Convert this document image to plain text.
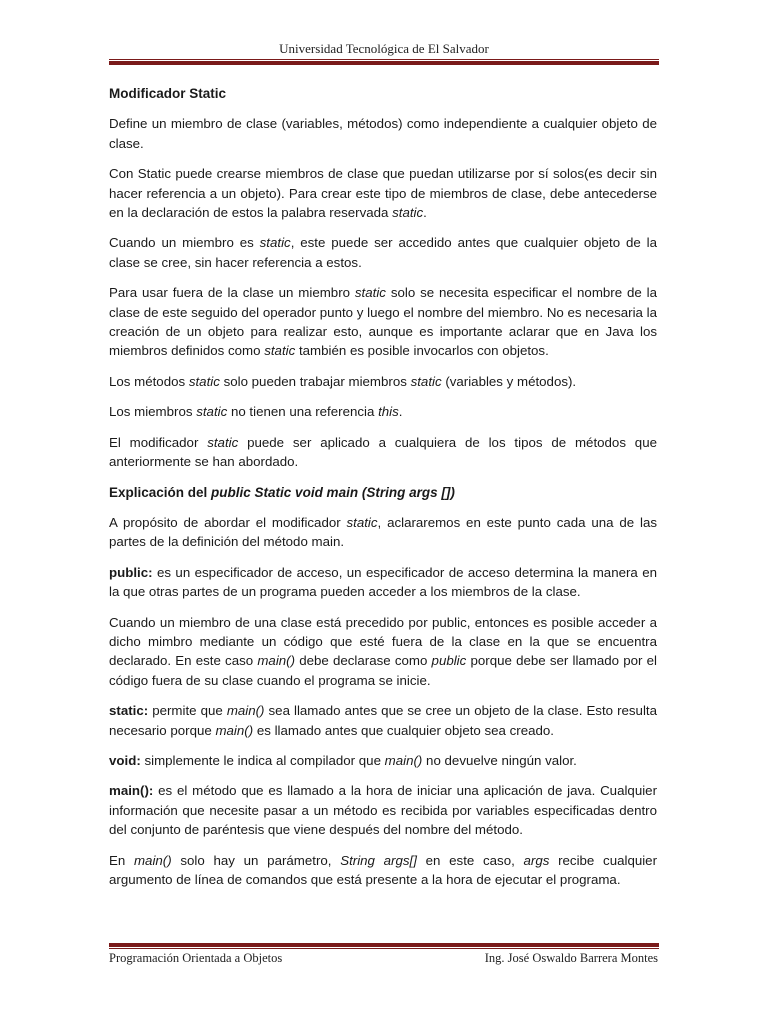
Universidad Tecnológica de El Salvador
Modificador Static

Define un miembro de clase (variables, métodos) como independiente a cualquier objeto de clase.

Con Static puede crearse miembros de clase que puedan utilizarse por sí solos(es decir sin hacer referencia a un objeto). Para crear este tipo de miembros de clase, debe antecederse en la declaración de estos la palabra reservada static.

Cuando un miembro es static, este puede ser accedido antes que cualquier objeto de la clase se cree, sin hacer referencia a estos.

Para usar fuera de la clase un miembro static solo se necesita especificar el nombre de la clase de este seguido del operador punto y luego el nombre del miembro. No es necesaria la creación de un objeto para realizar esto, aunque es importante aclarar que en Java los miembros definidos como static también es posible invocarlos con objetos.

Los métodos static solo pueden trabajar miembros static (variables y métodos).

Los miembros static no tienen una referencia this.

El modificador static puede ser aplicado a cualquiera de los tipos de métodos que anteriormente se han abordado.

Explicación del public Static void main (String args [])

A propósito de abordar el modificador static, aclararemos en este punto cada una de las partes de la definición del método main.

public: es un especificador de acceso, un especificador de acceso determina la manera en la que otras partes de un programa pueden acceder a los miembros de la clase.

Cuando un miembro de una clase está precedido por public, entonces es posible acceder a dicho mimbro mediante un código que esté fuera de la clase en la que se encuentra declarado. En este caso main() debe declarase como public porque debe ser llamado por el código fuera de su clase cuando el programa se inicie.

static: permite que main() sea llamado antes que se cree un objeto de la clase. Esto resulta necesario porque main() es llamado antes que cualquier objeto sea creado.

void: simplemente le indica al compilador que main() no devuelve ningún valor.

main(): es el método que es llamado a la hora de iniciar una aplicación de java. Cualquier información que necesite pasar a un método es recibida por variables especificadas dentro del conjunto de paréntesis que viene después del nombre del método.

En main() solo hay un parámetro, String args[] en este caso, args recibe cualquier argumento de línea de comandos que está presente a la hora de ejecutar el programa.

Programación Orientada a Objetos	Ing. José Oswaldo Barrera Montes
